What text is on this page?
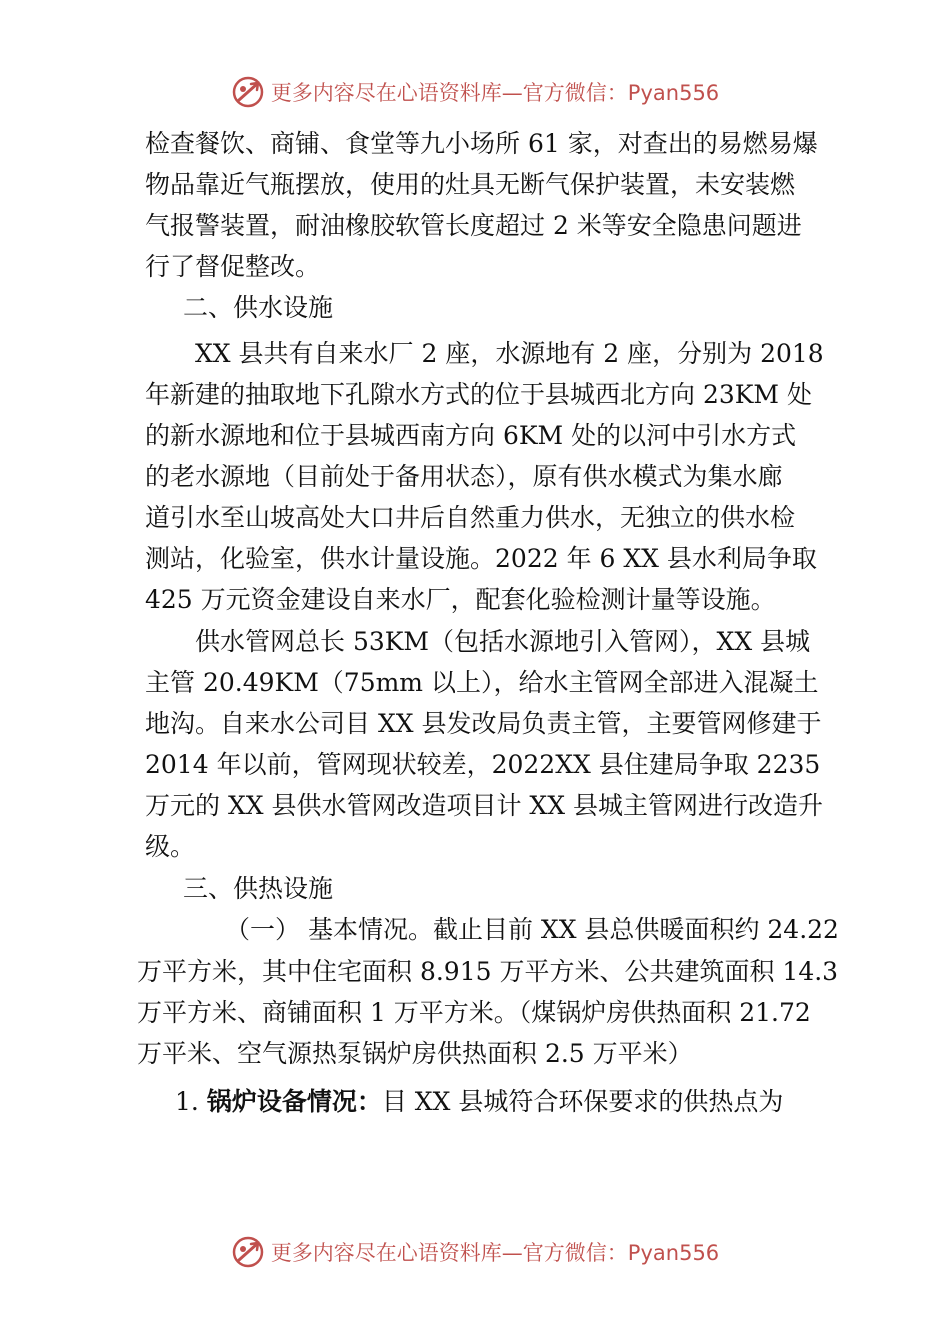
更多内容尽在心语资料库—官方微信：Pyan556
检查餐饮、商铺、食堂等九小场所 61 家，对查出的易燃易爆
物品靠近气瓶摆放，使用的灶具无断气保护装置，未安装燃
气报警装置，耐油橡胶软管长度超过 2 米等安全隐患问题进
行了督促整改。
二、供水设施
XX 县共有自来水厂 2 座，水源地有 2 座，分别为 2018
年新建的抽取地下孔隙水方式的位于县城西北方向 23KM 处
的新水源地和位于县城西南方向 6KM 处的以河中引水方式
的老水源地（目前处于备用状态），原有供水模式为集水廊
道引水至山坡高处大口井后自然重力供水，无独立的供水检
测站，化验室，供水计量设施。2022 年 6 XX 县水利局争取
425 万元资金建设自来水厂，配套化验检测计量等设施。
供水管网总长 53KM（包括水源地引入管网），XX 县城
主管 20.49KM（75mm 以上），给水主管网全部进入混凝土
地沟。自来水公司目 XX 县发改局负责主管，主要管网修建于
2014 年以前，管网现状较差，2022XX 县住建局争取 2235
万元的 XX 县供水管网改造项目计 XX 县城主管网进行改造升
级。
三、供热设施
（一） 基本情况。截止目前 XX 县总供暖面积约 24.22
万平方米，其中住宅面积 8.915 万平方米、公共建筑面积 14.3
万平方米、商铺面积 1 万平方米。（煤锅炉房供热面积 21.72
万平米、空气源热泵锅炉房供热面积 2.5 万平米）
1. 锅炉设备情况：目 XX 县城符合环保要求的供热点为
更多内容尽在心语资料库—官方微信：Pyan556
